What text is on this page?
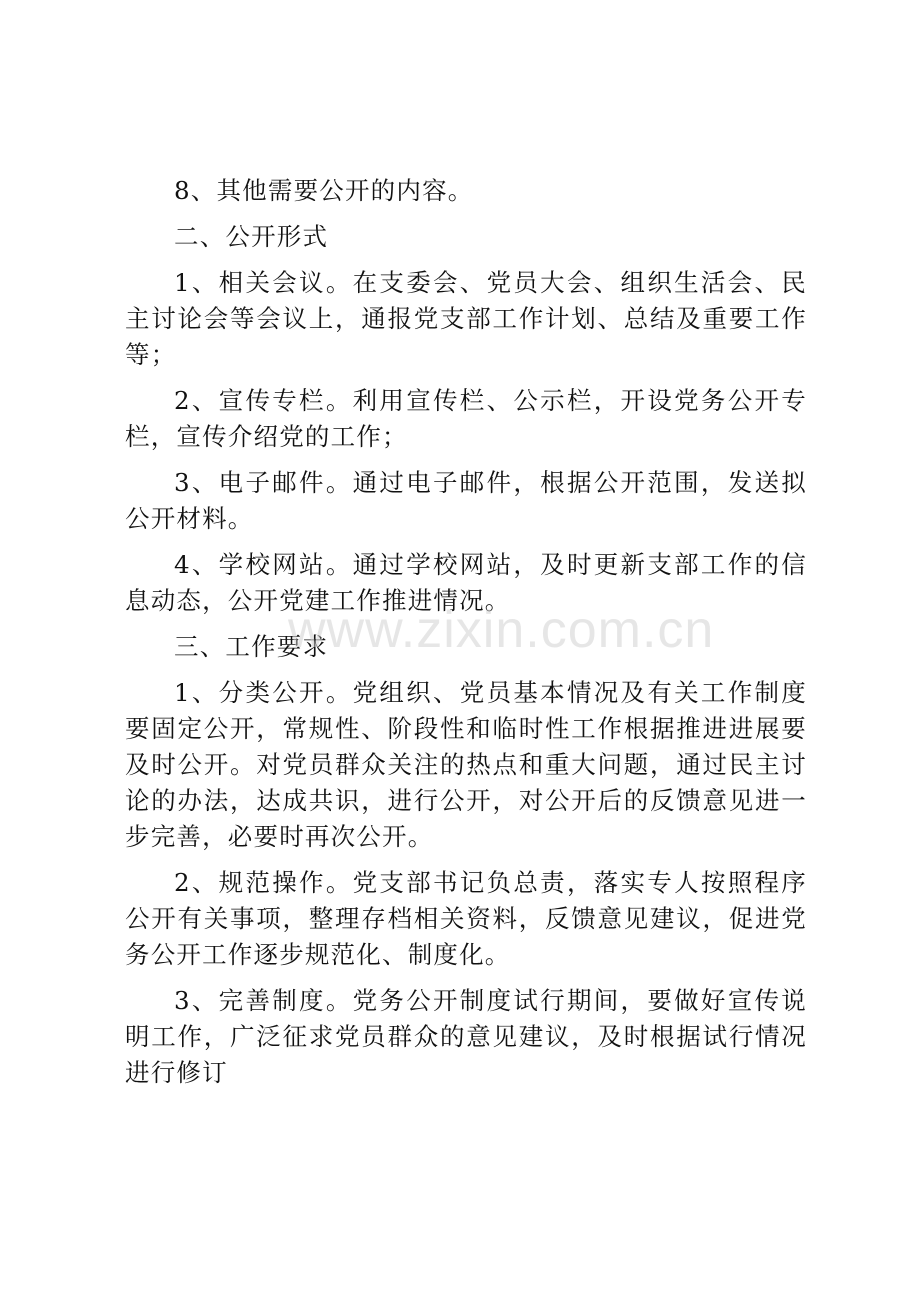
8、其他需要公开的内容。

二、公开形式

1、相关会议。在支委会、党员大会、组织生活会、民主讨论会等会议上，通报党支部工作计划、总结及重要工作等；

2、宣传专栏。利用宣传栏、公示栏，开设党务公开专栏，宣传介绍党的工作；

3、电子邮件。通过电子邮件，根据公开范围，发送拟公开材料。

4、学校网站。通过学校网站，及时更新支部工作的信息动态，公开党建工作推进情况。

三、工作要求

1、分类公开。党组织、党员基本情况及有关工作制度要固定公开，常规性、阶段性和临时性工作根据推进进展要及时公开。对党员群众关注的热点和重大问题，通过民主讨论的办法，达成共识，进行公开，对公开后的反馈意见进一步完善，必要时再次公开。

2、规范操作。党支部书记负总责，落实专人按照程序公开有关事项，整理存档相关资料，反馈意见建议，促进党务公开工作逐步规范化、制度化。

3、完善制度。党务公开制度试行期间，要做好宣传说明工作，广泛征求党员群众的意见建议，及时根据试行情况进行修订

www.zixin.com.cn
